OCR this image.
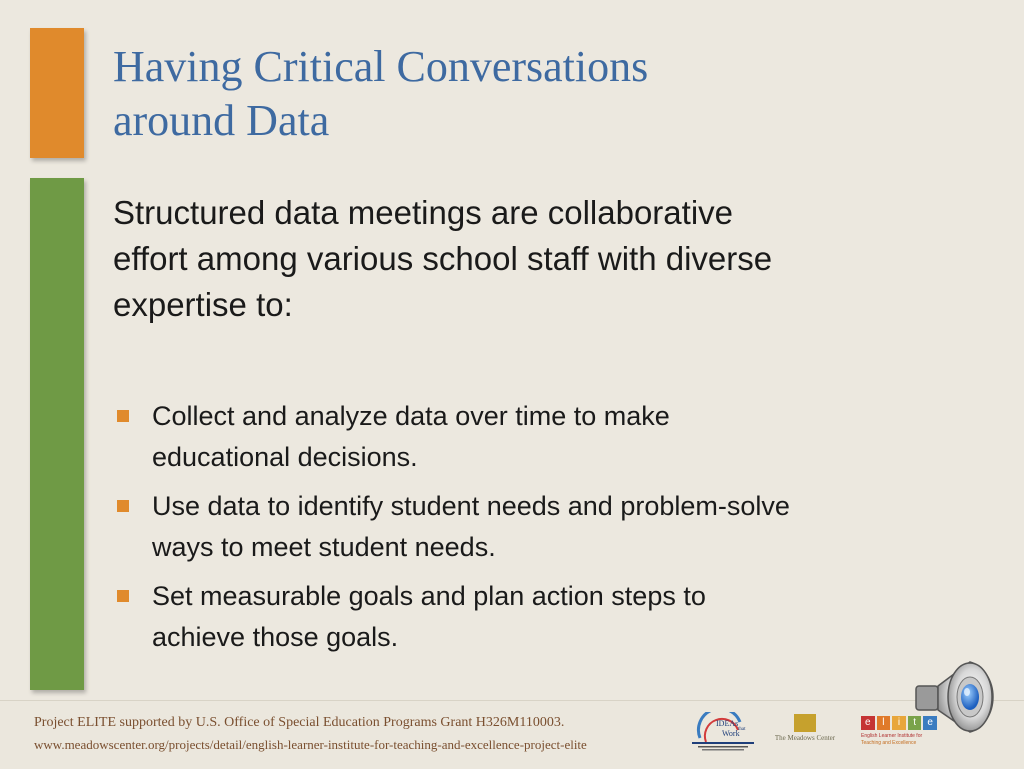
Having Critical Conversations
around Data

Structured data meetings are collaborative
effort among various school staff with diverse
expertise to:

Collect and analyze data over time to make
educational decisions.
Use data to identify student needs and problem-solve
ways to meet student needs.
Set measurable goals and plan action steps to
achieve those goals.
Project ELITE supported by U.S. Office of Special Education Programs Grant H326M110003.
www.meadowscenter.org/projects/detail/english-learner-institute-for-teaching-and-excellence-project-elite
IDEAs
that
Work	The Meadows Center

e	l	i	t	e
English Learner Institute for
Teaching and Excellence
